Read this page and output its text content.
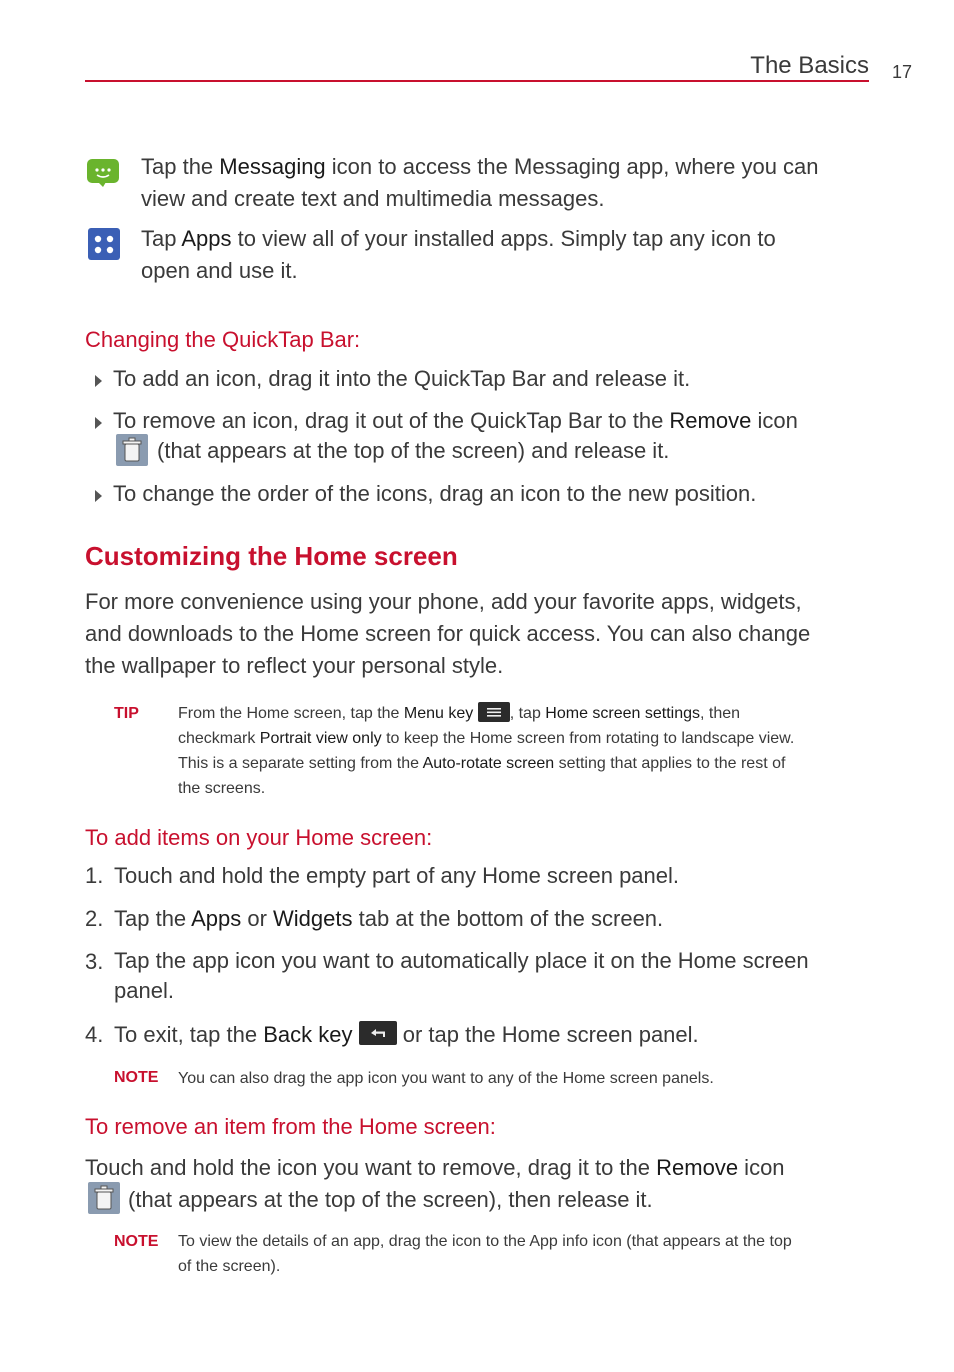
The Basics 17
Tap the Messaging icon to access the Messaging app, where you can
view and create text and multimedia messages.
Tap Apps to view all of your installed apps. Simply tap any icon to
open and use it.
Changing the QuickTap Bar:
To add an icon, drag it into the QuickTap Bar and release it.
To remove an icon, drag it out of the QuickTap Bar to the Remove icon
(that appears at the top of the screen) and release it.
To change the order of the icons, drag an icon to the new position.
Customizing the Home screen
For more convenience using your phone, add your favorite apps, widgets,
and downloads to the Home screen for quick access. You can also change
the wallpaper to reflect your personal style.
TIP From the Home screen, tap the Menu key , tap Home screen settings, then
checkmark Portrait view only to keep the Home screen from rotating to landscape view.
This is a separate setting from the Auto-rotate screen setting that applies to the rest of
the screens.
To add items on your Home screen:
1. Touch and hold the empty part of any Home screen panel.
2. Tap the Apps or Widgets tab at the bottom of the screen.
3. Tap the app icon you want to automatically place it on the Home screen
panel.
4. To exit, tap the Back key  or tap the Home screen panel.
NOTE You can also drag the app icon you want to any of the Home screen panels.
To remove an item from the Home screen:
Touch and hold the icon you want to remove, drag it to the Remove icon
(that appears at the top of the screen), then release it.
NOTE To view the details of an app, drag the icon to the App info icon (that appears at the top
of the screen).
